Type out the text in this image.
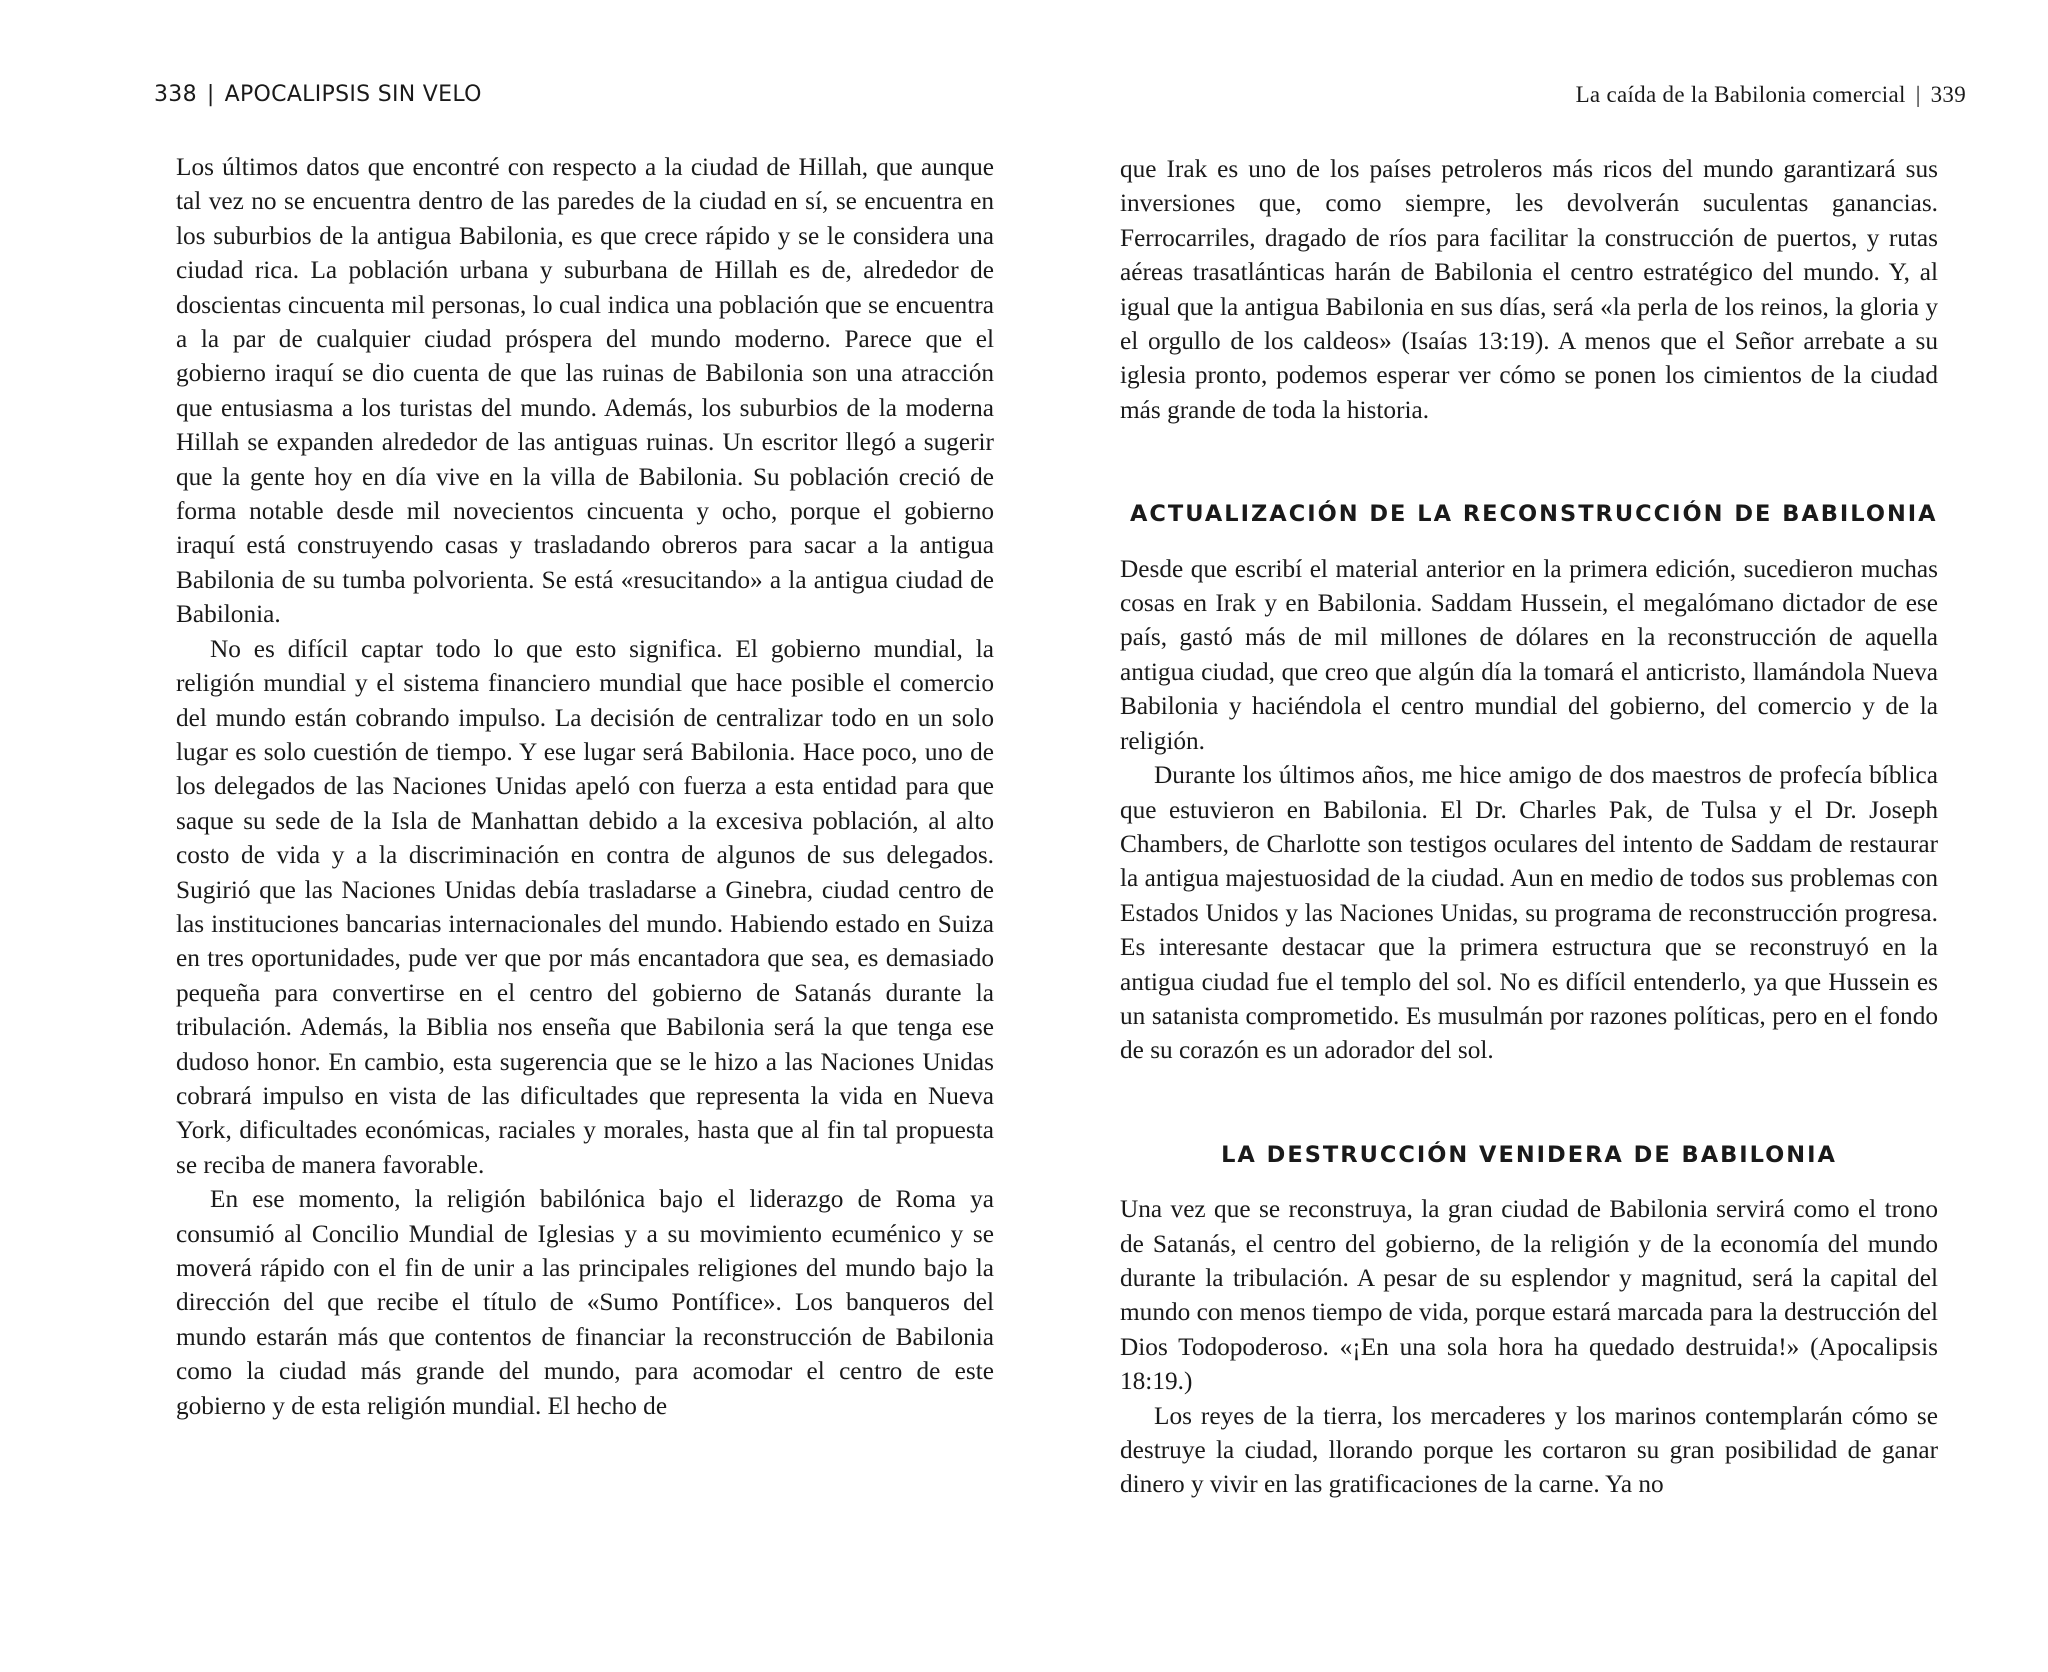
338 | APOCALIPSIS SIN VELO

Los últimos datos que encontré con respecto a la ciudad de Hillah, que aunque tal vez no se encuentra dentro de las paredes de la ciudad en sí, se encuentra en los suburbios de la antigua Babilonia, es que crece rápido y se le considera una ciudad rica. La población urbana y suburbana de Hillah es de, alrededor de doscientas cincuenta mil personas, lo cual indica una población que se encuentra a la par de cualquier ciudad próspera del mundo moderno. Parece que el gobierno iraquí se dio cuenta de que las ruinas de Babilonia son una atracción que entusiasma a los turistas del mundo. Además, los suburbios de la moderna Hillah se expanden alrededor de las antiguas ruinas. Un escritor llegó a sugerir que la gente hoy en día vive en la villa de Babilonia. Su población creció de forma notable desde mil novecientos cincuenta y ocho, porque el gobierno iraquí está construyendo casas y trasladando obreros para sacar a la antigua Babilonia de su tumba polvorienta. Se está «resucitando» a la antigua ciudad de Babilonia.

No es difícil captar todo lo que esto significa. El gobierno mundial, la religión mundial y el sistema financiero mundial que hace posible el comercio del mundo están cobrando impulso. La decisión de centralizar todo en un solo lugar es solo cuestión de tiempo. Y ese lugar será Babilonia. Hace poco, uno de los delegados de las Naciones Unidas apeló con fuerza a esta entidad para que saque su sede de la Isla de Manhattan debido a la excesiva población, al alto costo de vida y a la discriminación en contra de algunos de sus delegados. Sugirió que las Naciones Unidas debía trasladarse a Ginebra, ciudad centro de las instituciones bancarias internacionales del mundo. Habiendo estado en Suiza en tres oportunidades, pude ver que por más encantadora que sea, es demasiado pequeña para convertirse en el centro del gobierno de Satanás durante la tribulación. Además, la Biblia nos enseña que Babilonia será la que tenga ese dudoso honor. En cambio, esta sugerencia que se le hizo a las Naciones Unidas cobrará impulso en vista de las dificultades que representa la vida en Nueva York, dificultades económicas, raciales y morales, hasta que al fin tal propuesta se reciba de manera favorable.

En ese momento, la religión babilónica bajo el liderazgo de Roma ya consumió al Concilio Mundial de Iglesias y a su movimiento ecuménico y se moverá rápido con el fin de unir a las principales religiones del mundo bajo la dirección del que recibe el título de «Sumo Pontífice». Los banqueros del mundo estarán más que contentos de financiar la reconstrucción de Babilonia como la ciudad más grande del mundo, para acomodar el centro de este gobierno y de esta religión mundial. El hecho de

La caída de la Babilonia comercial | 339

que Irak es uno de los países petroleros más ricos del mundo garantizará sus inversiones que, como siempre, les devolverán suculentas ganancias. Ferrocarriles, dragado de ríos para facilitar la construcción de puertos, y rutas aéreas trasatlánticas harán de Babilonia el centro estratégico del mundo. Y, al igual que la antigua Babilonia en sus días, será «la perla de los reinos, la gloria y el orgullo de los caldeos» (Isaías 13:19). A menos que el Señor arrebate a su iglesia pronto, podemos esperar ver cómo se ponen los cimientos de la ciudad más grande de toda la historia.

ACTUALIZACIÓN DE LA RECONSTRUCCIÓN DE BABILONIA

Desde que escribí el material anterior en la primera edición, sucedieron muchas cosas en Irak y en Babilonia. Saddam Hussein, el megalómano dictador de ese país, gastó más de mil millones de dólares en la reconstrucción de aquella antigua ciudad, que creo que algún día la tomará el anticristo, llamándola Nueva Babilonia y haciéndola el centro mundial del gobierno, del comercio y de la religión.

Durante los últimos años, me hice amigo de dos maestros de profecía bíblica que estuvieron en Babilonia. El Dr. Charles Pak, de Tulsa y el Dr. Joseph Chambers, de Charlotte son testigos oculares del intento de Saddam de restaurar la antigua majestuosidad de la ciudad. Aun en medio de todos sus problemas con Estados Unidos y las Naciones Unidas, su programa de reconstrucción progresa. Es interesante destacar que la primera estructura que se reconstruyó en la antigua ciudad fue el templo del sol. No es difícil entenderlo, ya que Hussein es un satanista comprometido. Es musulmán por razones políticas, pero en el fondo de su corazón es un adorador del sol.

LA DESTRUCCIÓN VENIDERA DE BABILONIA

Una vez que se reconstruya, la gran ciudad de Babilonia servirá como el trono de Satanás, el centro del gobierno, de la religión y de la economía del mundo durante la tribulación. A pesar de su esplendor y magnitud, será la capital del mundo con menos tiempo de vida, porque estará marcada para la destrucción del Dios Todopoderoso. «¡En una sola hora ha quedado destruida!» (Apocalipsis 18:19.)

Los reyes de la tierra, los mercaderes y los marinos contemplarán cómo se destruye la ciudad, llorando porque les cortaron su gran posibilidad de ganar dinero y vivir en las gratificaciones de la carne. Ya no
